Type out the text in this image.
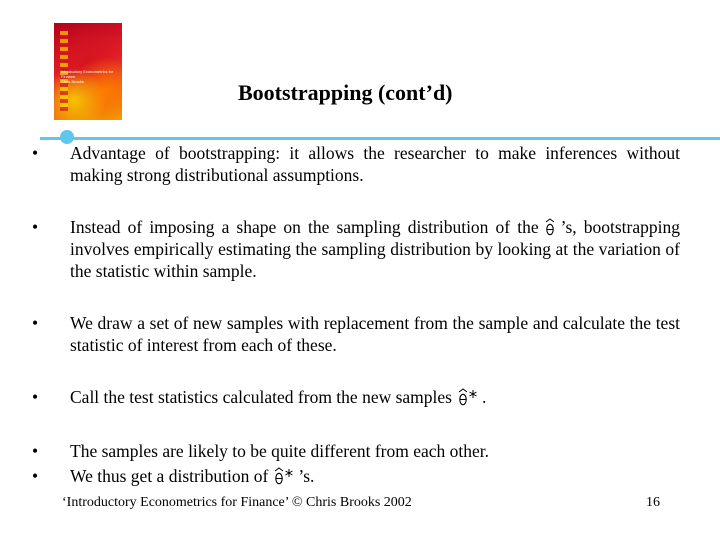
Introductory Econometrics for Finance
Chris Brooks	Bootstrapping (cont’d)
•	Advantage of bootstrapping: it allows the researcher to make inferences without making strong distributional assumptions.
•	Instead of imposing a shape on the sampling distribution of the ’s, bootstrapping involves empirically estimating the sampling distribution by looking at the variation of the statistic within sample.
•	We draw a set of new samples with replacement from the sample and calculate the test statistic of interest from each of these.
•	Call the test statistics calculated from the new samples .
•	The samples are likely to be quite different from each other.
•	We thus get a distribution of ’s.
‘Introductory Econometrics for Finance’ © Chris Brooks 2002	16
